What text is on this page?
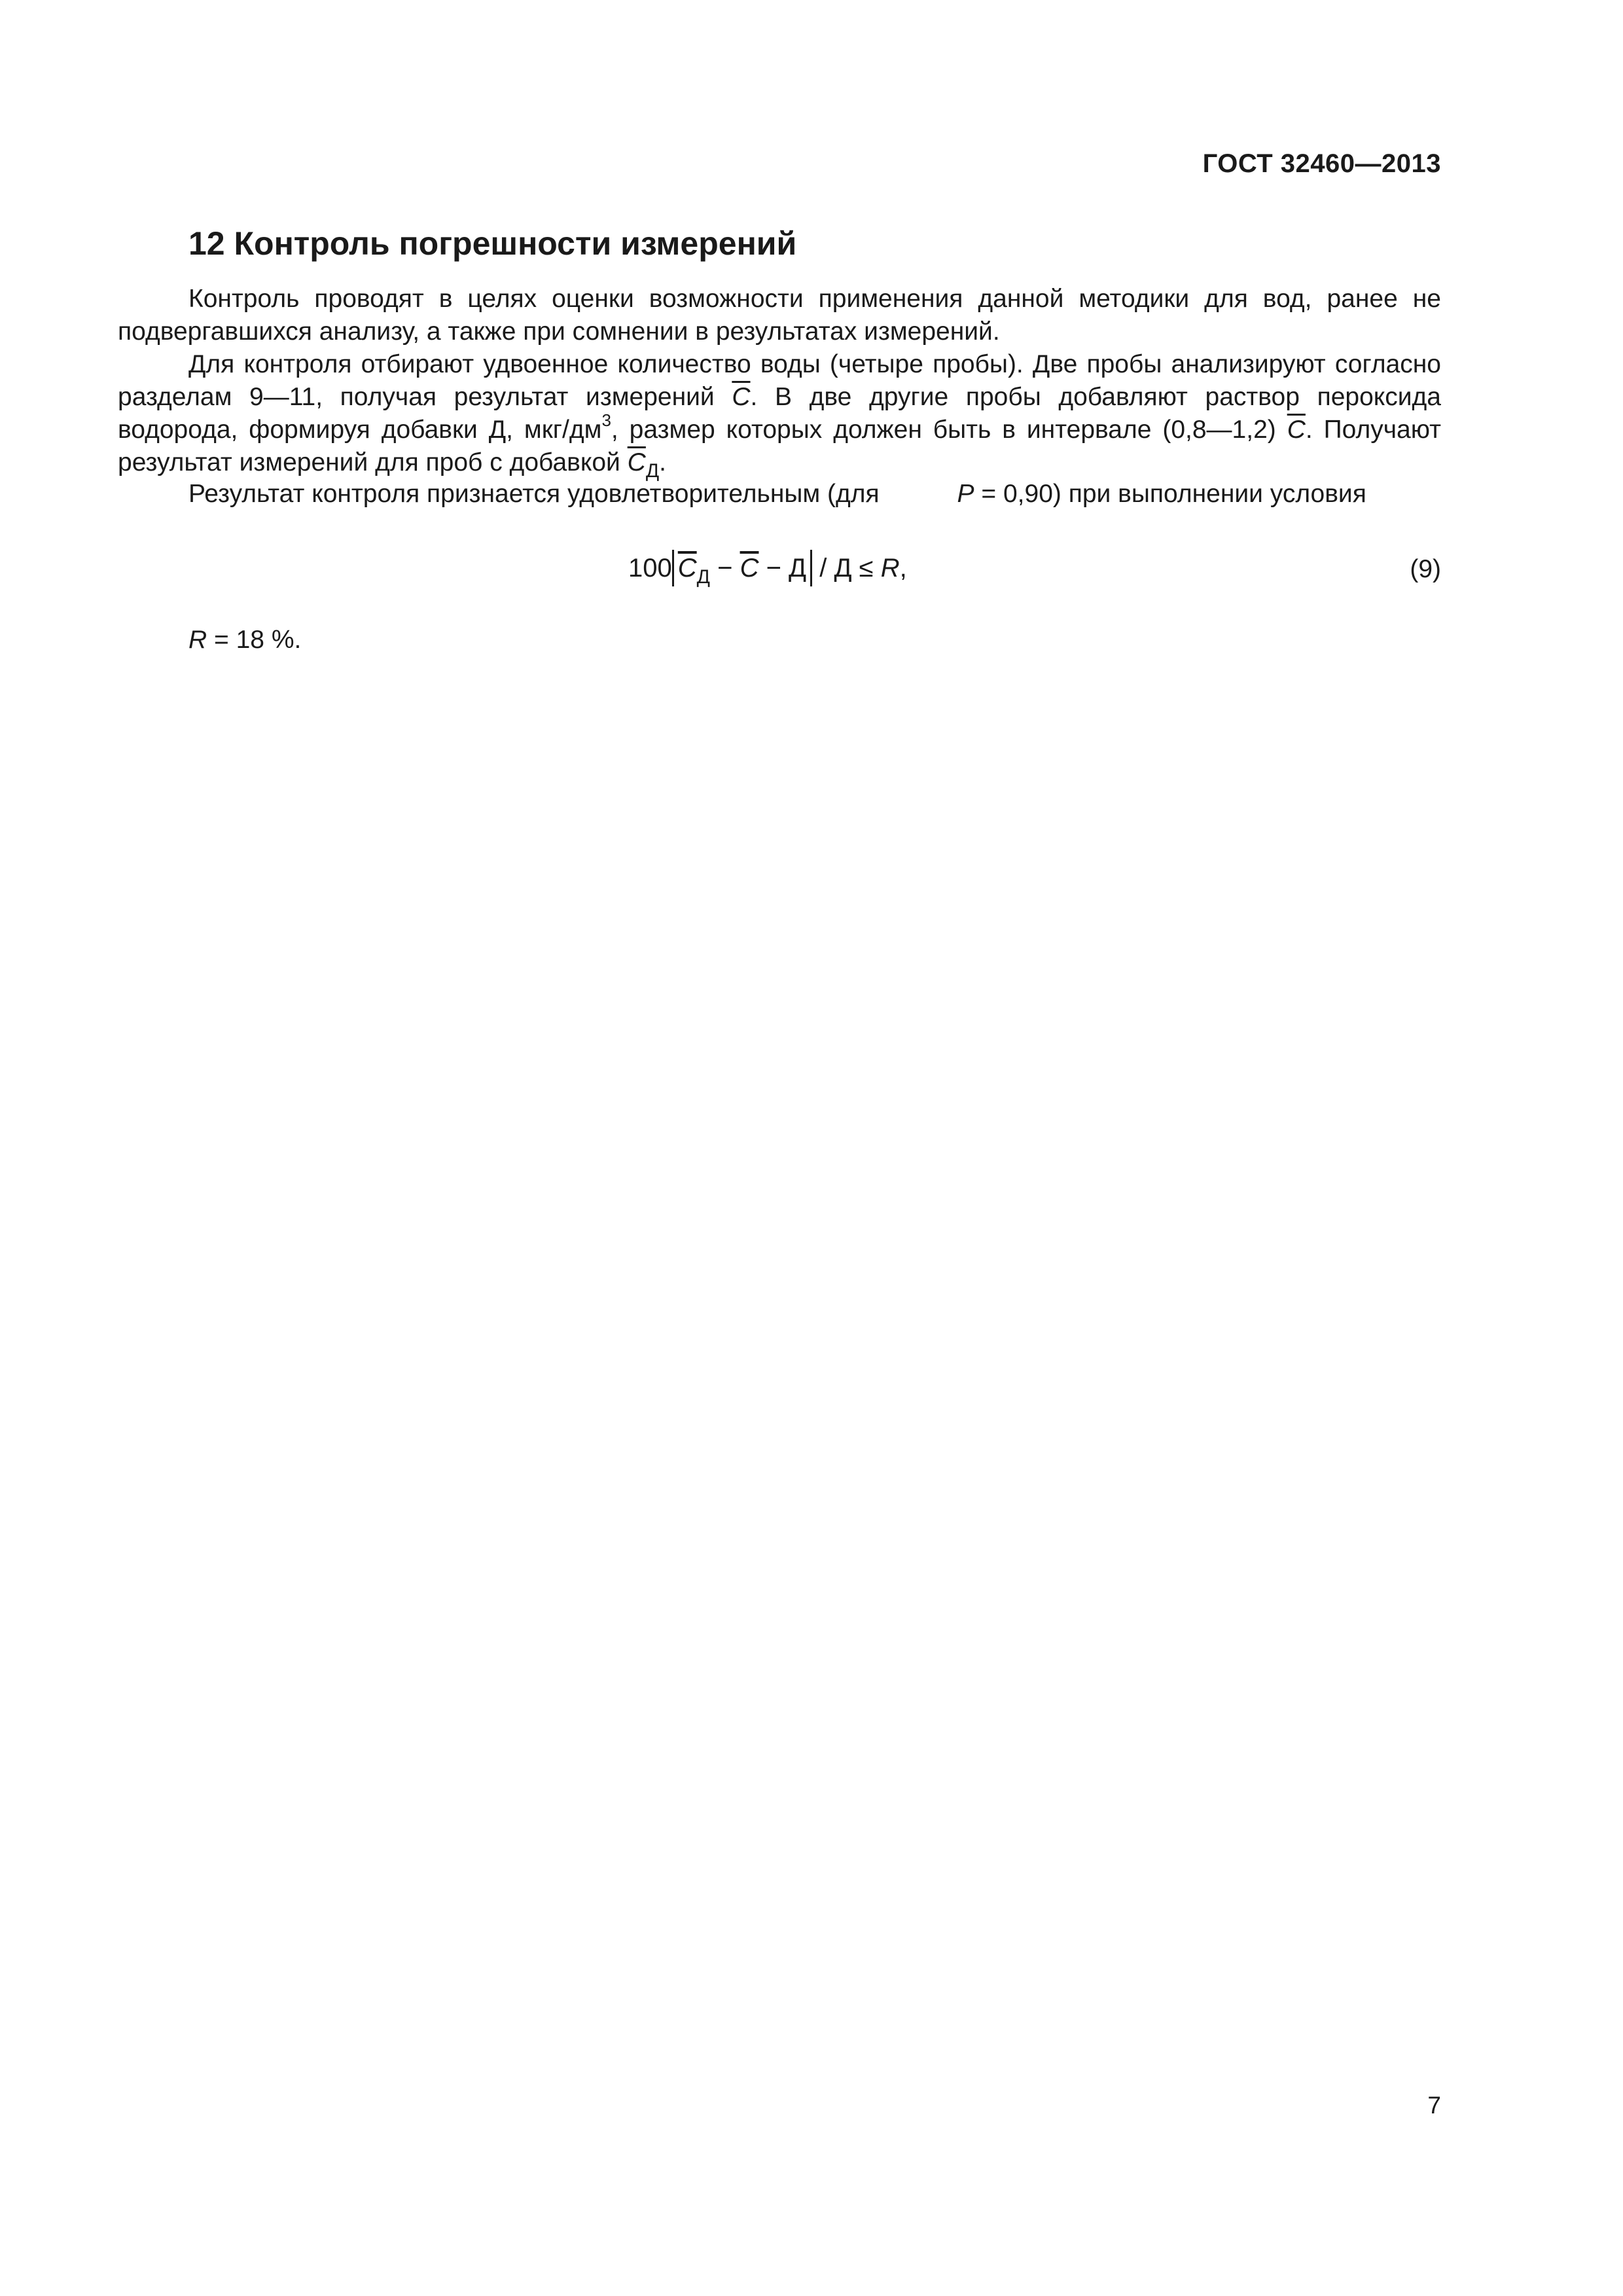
ГОСТ 32460—2013
12 Контроль погрешности измерений

Контроль проводят в целях оценки возможности применения данной методики для вод, ранее не подвергавшихся анализу, а также при сомнении в результатах измерений.

Для контроля отбирают удвоенное количество воды (четыре пробы). Две пробы анализируют согласно разделам 9—11, получая результат измерений $\overline{C}$. В две другие пробы добавляют раствор пероксида водорода, формируя добавки Д, мкг/$дм^3$, размер которых должен быть в интервале (0,8—1,2) $\overline{C}$. Получают результат измерений для проб с добавкой $\overline{C}_Д$.

Результат контроля признается удовлетворительным (для	P = 0,90) при выполнении условия

100 $\overline{C}_Д - \overline{C} - Д / Д \le R$,	(9)
R = 18 %.
7
